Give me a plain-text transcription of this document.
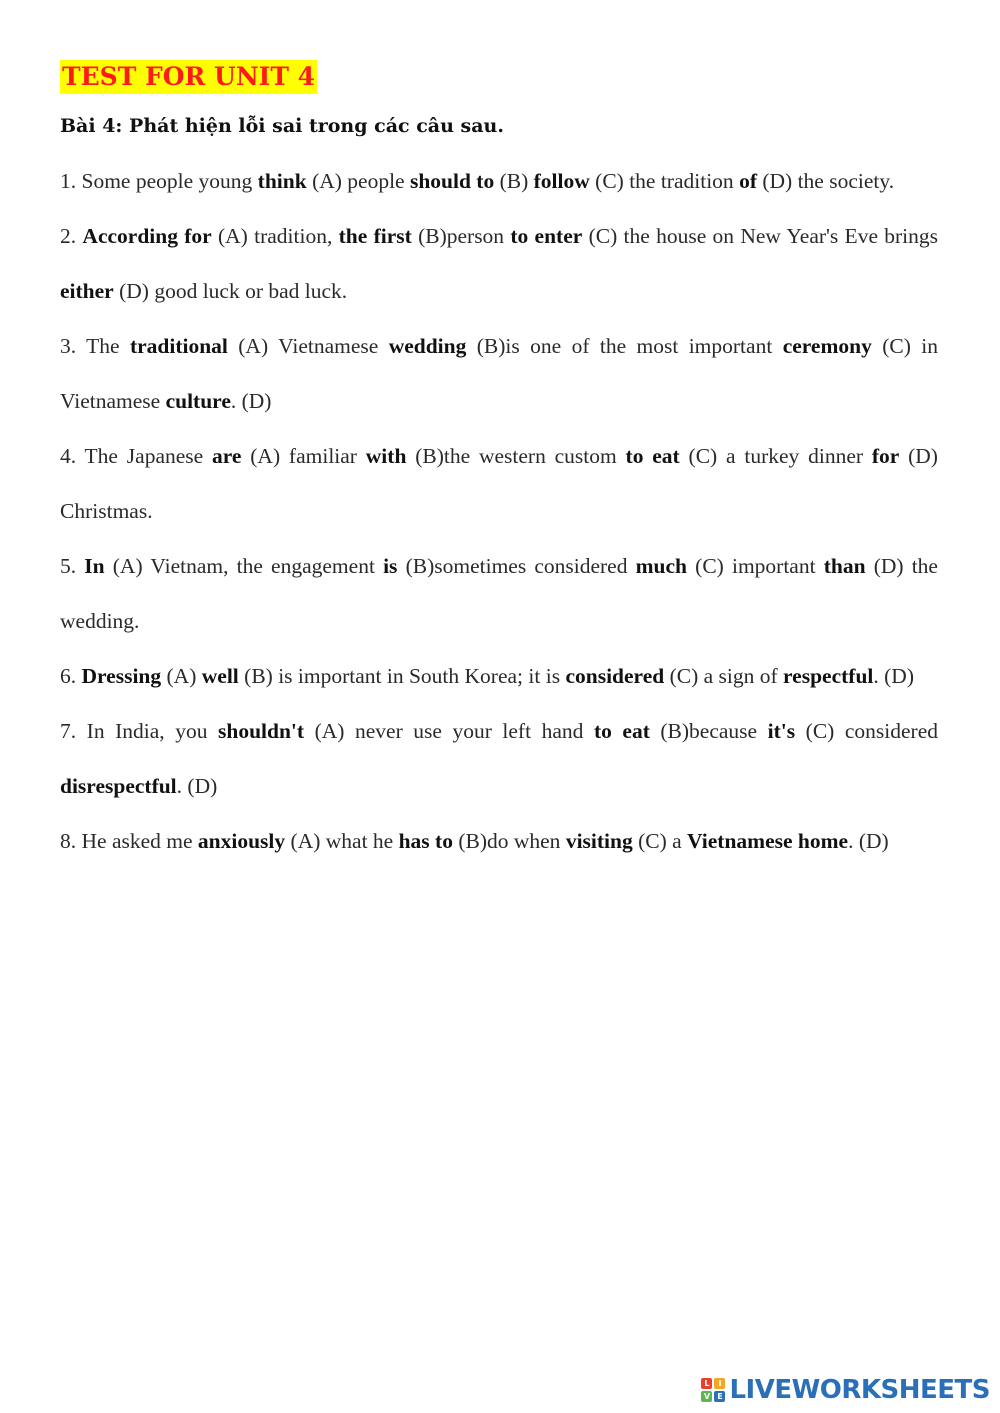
TEST FOR UNIT 4

Bài 4: Phát hiện lỗi sai trong các câu sau.

1. Some people young think (A) people should to (B) follow (C) the tradition of (D) the society.

2. According for (A) tradition, the first (B)person to enter (C) the house on New Year's Eve brings either (D) good luck or bad luck.

3. The traditional (A) Vietnamese wedding (B)is one of the most important ceremony (C) in Vietnamese culture. (D)

4. The Japanese are (A) familiar with (B)the western custom to eat (C) a turkey dinner for (D) Christmas.

5. In (A) Vietnam, the engagement is (B)sometimes considered much (C) important than (D) the wedding.

6. Dressing (A) well (B) is important in South Korea; it is considered (C) a sign of respectful. (D)

7. In India, you shouldn't (A) never use your left hand to eat (B)because it's (C) considered disrespectful. (D)

8. He asked me anxiously (A) what he has to (B)do when visiting (C) a Vietnamese home. (D)

L	I
V E LIVEWORKSHEETS
